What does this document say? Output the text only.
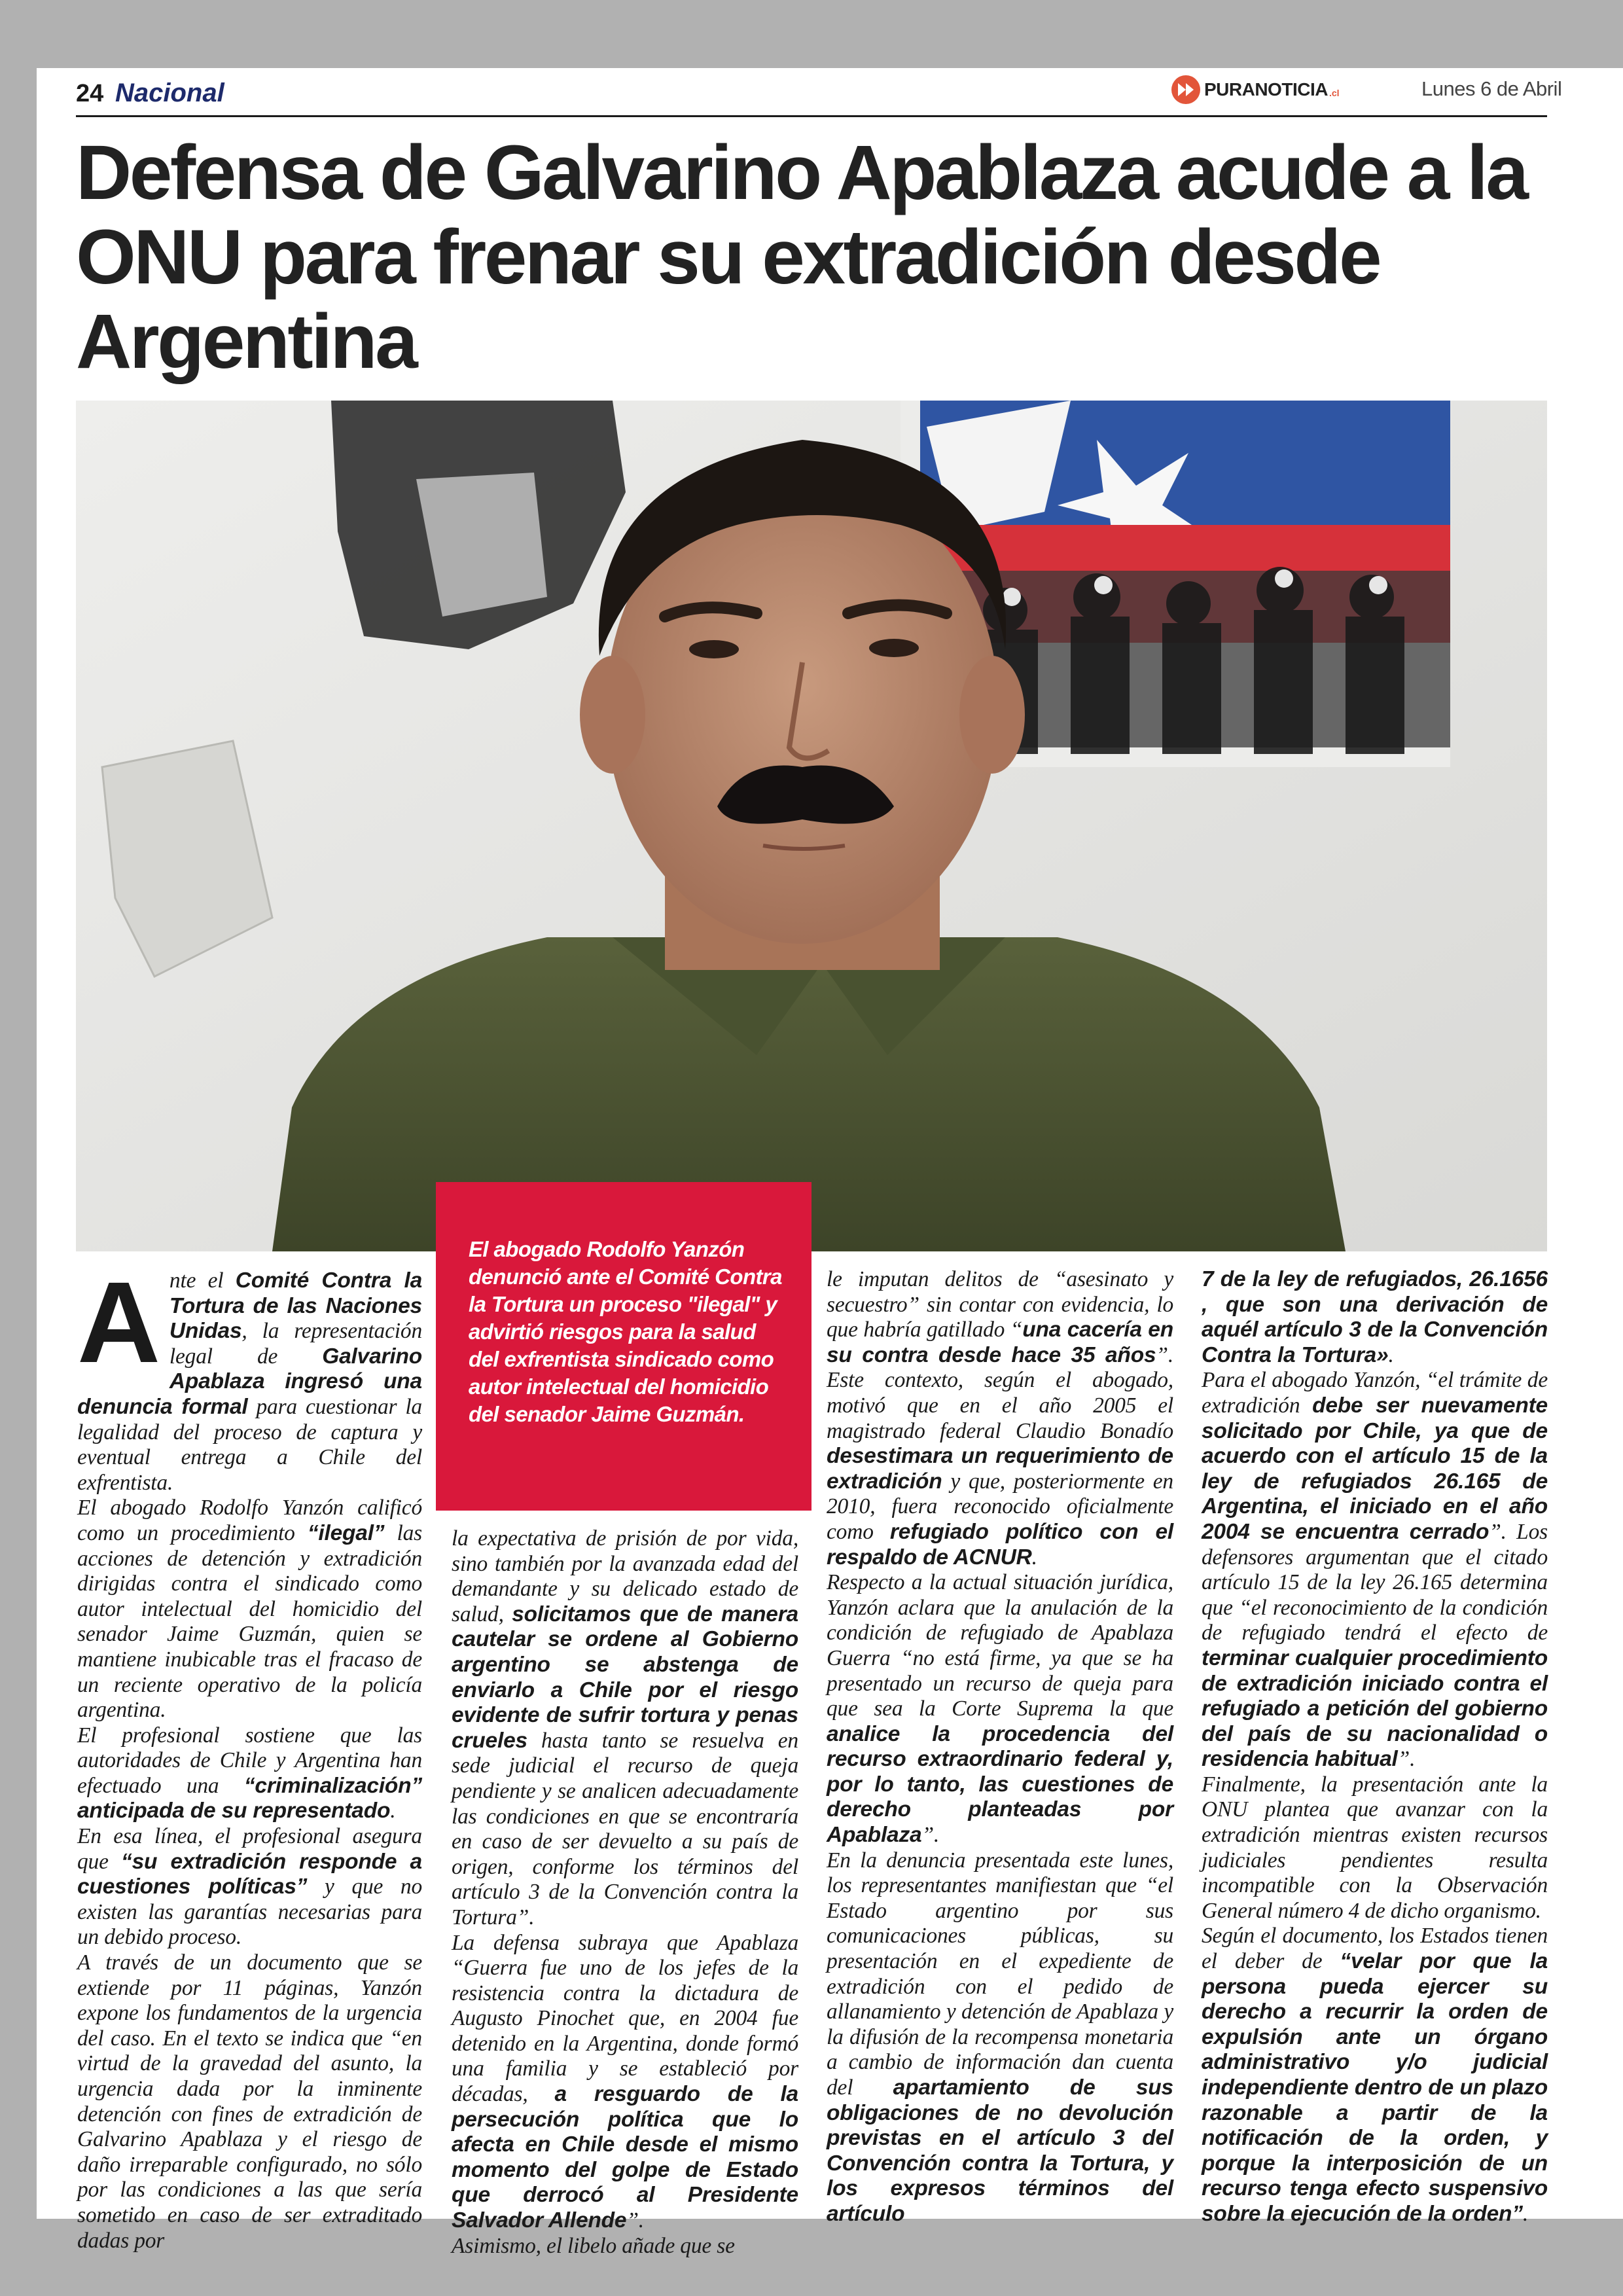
24 Nacional	PURANOTICIA .cl	Lunes 6 de Abril
Defensa de Galvarino Apablaza acude a la ONU para frenar su extradición desde Argentina
El abogado Rodolfo Yanzón denunció ante el Comité Contra la Tortura un proceso "ilegal" y advirtió riesgos para la salud del exfrentista sindicado como autor intelectual del homicidio del senador Jaime Guzmán.

Ante el Comité Contra la Tortura de las Naciones Unidas, la representación legal de Galvarino Apablaza ingresó una denuncia formal para cuestionar la legalidad del proceso de captura y eventual entrega a Chile del exfrentista.

El abogado Rodolfo Yanzón calificó como un procedimiento “ilegal” las acciones de detención y extradición dirigidas contra el sindicado como autor intelectual del homicidio del senador Jaime Guzmán, quien se mantiene inubicable tras el fracaso de un reciente operativo de la policía argentina.

El profesional sostiene que las autoridades de Chile y Argentina han efectuado una “criminalización” anticipada de su representado.

En esa línea, el profesional asegura que “su extradición responde a cuestiones políticas” y que no existen las garantías necesarias para un debido proceso.

A través de un documento que se extiende por 11 páginas, Yanzón expone los fundamentos de la urgencia del caso. En el texto se indica que “en virtud de la gravedad del asunto, la urgencia dada por la inminente detención con fines de extradición de Galvarino Apablaza y el riesgo de daño irreparable configurado, no sólo por las condiciones a las que sería sometido en caso de ser extraditado dadas por

la expectativa de prisión de por vida, sino también por la avanzada edad del demandante y su delicado estado de salud, solicitamos que de manera cautelar se ordene al Gobierno argentino se abstenga de enviarlo a Chile por el riesgo evidente de sufrir tortura y penas crueles hasta tanto se resuelva en sede judicial el recurso de queja pendiente y se analicen adecuadamente las condiciones en que se encontraría en caso de ser devuelto a su país de origen, conforme los términos del artículo 3 de la Convención contra la Tortura”.

La defensa subraya que Apablaza “Guerra fue uno de los jefes de la resistencia contra la dictadura de Augusto Pinochet que, en 2004 fue detenido en la Argentina, donde formó una familia y se estableció por décadas, a resguardo de la persecución política que lo afecta en Chile desde el mismo momento del golpe de Estado que derrocó al Presidente Salvador Allende”.

Asimismo, el libelo añade que se

le imputan delitos de “asesinato y secuestro” sin contar con evidencia, lo que habría gatillado “una cacería en su contra desde hace 35 años”. Este contexto, según el abogado, motivó que en el año 2005 el magistrado federal Claudio Bonadío desestimara un requerimiento de extradición y que, posteriormente en 2010, fuera reconocido oficialmente como refugiado político con el respaldo de ACNUR.

Respecto a la actual situación jurídica, Yanzón aclara que la anulación de la condición de refugiado de Apablaza Guerra “no está firme, ya que se ha presentado un recurso de queja para que sea la Corte Suprema la que analice la procedencia del recurso extraordinario federal y, por lo tanto, las cuestiones de derecho planteadas por Apablaza”.

En la denuncia presentada este lunes, los representantes manifiestan que “el Estado argentino por sus comunicaciones públicas, su presentación en el expediente de extradición con el pedido de allanamiento y detención de Apablaza y la difusión de la recompensa monetaria a cambio de información dan cuenta del apartamiento de sus obligaciones de no devolución previstas en el artículo 3 del Convención contra la Tortura, y los expresos términos del artículo

7 de la ley de refugiados, 26.1656 , que son una derivación de aquél artículo 3 de la Convención Contra la Tortura».

Para el abogado Yanzón, “el trámite de extradición debe ser nuevamente solicitado por Chile, ya que de acuerdo con el artículo 15 de la ley de refugiados 26.165 de Argentina, el iniciado en el año 2004 se encuentra cerrado”. Los defensores argumentan que el citado artículo 15 de la ley 26.165 determina que “el reconocimiento de la condición de refugiado tendrá el efecto de terminar cualquier procedimiento de extradición iniciado contra el refugiado a petición del gobierno del país de su nacionalidad o residencia habitual”.

Finalmente, la presentación ante la ONU plantea que avanzar con la extradición mientras existen recursos judiciales pendientes resulta incompatible con la Observación General número 4 de dicho organismo.

Según el documento, los Estados tienen el deber de “velar por que la persona pueda ejercer su derecho a recurrir la orden de expulsión ante un órgano administrativo y/o judicial independiente dentro de un plazo razonable a partir de la notificación de la orden, y porque la interposición de un recurso tenga efecto suspensivo sobre la ejecución de la orden”.
